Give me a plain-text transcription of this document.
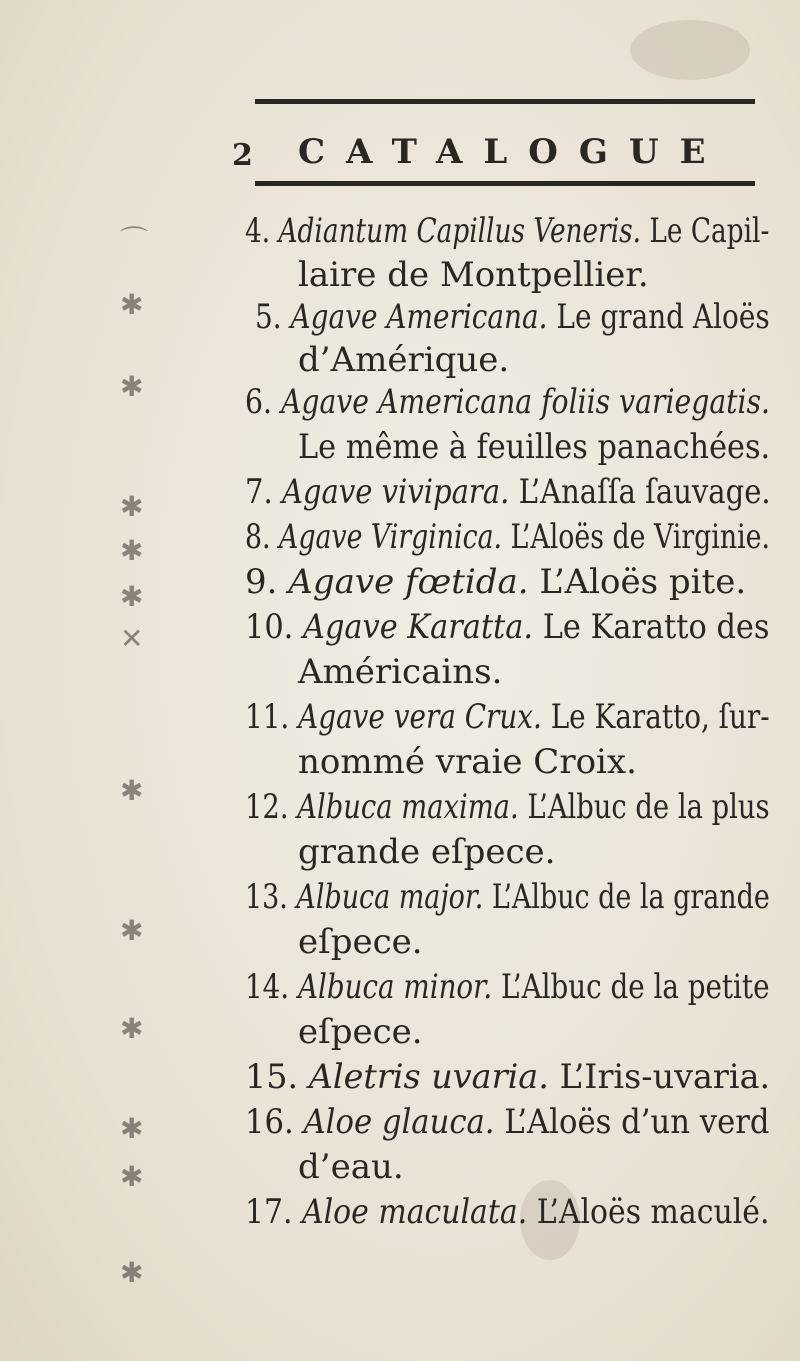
2 CATALOGUE
⌒
✱
✱
✱
✱
✱
✕
✱
✱
✱
✱
✱
✱
4. Adiantum Capillus Veneris. Le Capil-
laire de Montpellier.
5. Agave Americana. Le grand Aloës
d’Amérique.
6. Agave Americana foliis variegatis.
Le même à feuilles panachées.
7. Agave vivipara. L’Anaſſa ſauvage.
8. Agave Virginica. L’Aloës de Virginie.
9. Agave fœtida. L’Aloës pite.
10. Agave Karatta. Le Karatto des
Américains.
11. Agave vera Crux. Le Karatto, ſur-
nommé vraie Croix.
12. Albuca maxima. L’Albuc de la plus
grande eſpece.
13. Albuca major. L’Albuc de la grande
eſpece.
14. Albuca minor. L’Albuc de la petite
eſpece.
15. Aletris uvaria. L’Iris-uvaria.
16. Aloe glauca. L’Aloës d’un verd
d’eau.
17. Aloe maculata. L’Aloës maculé.
